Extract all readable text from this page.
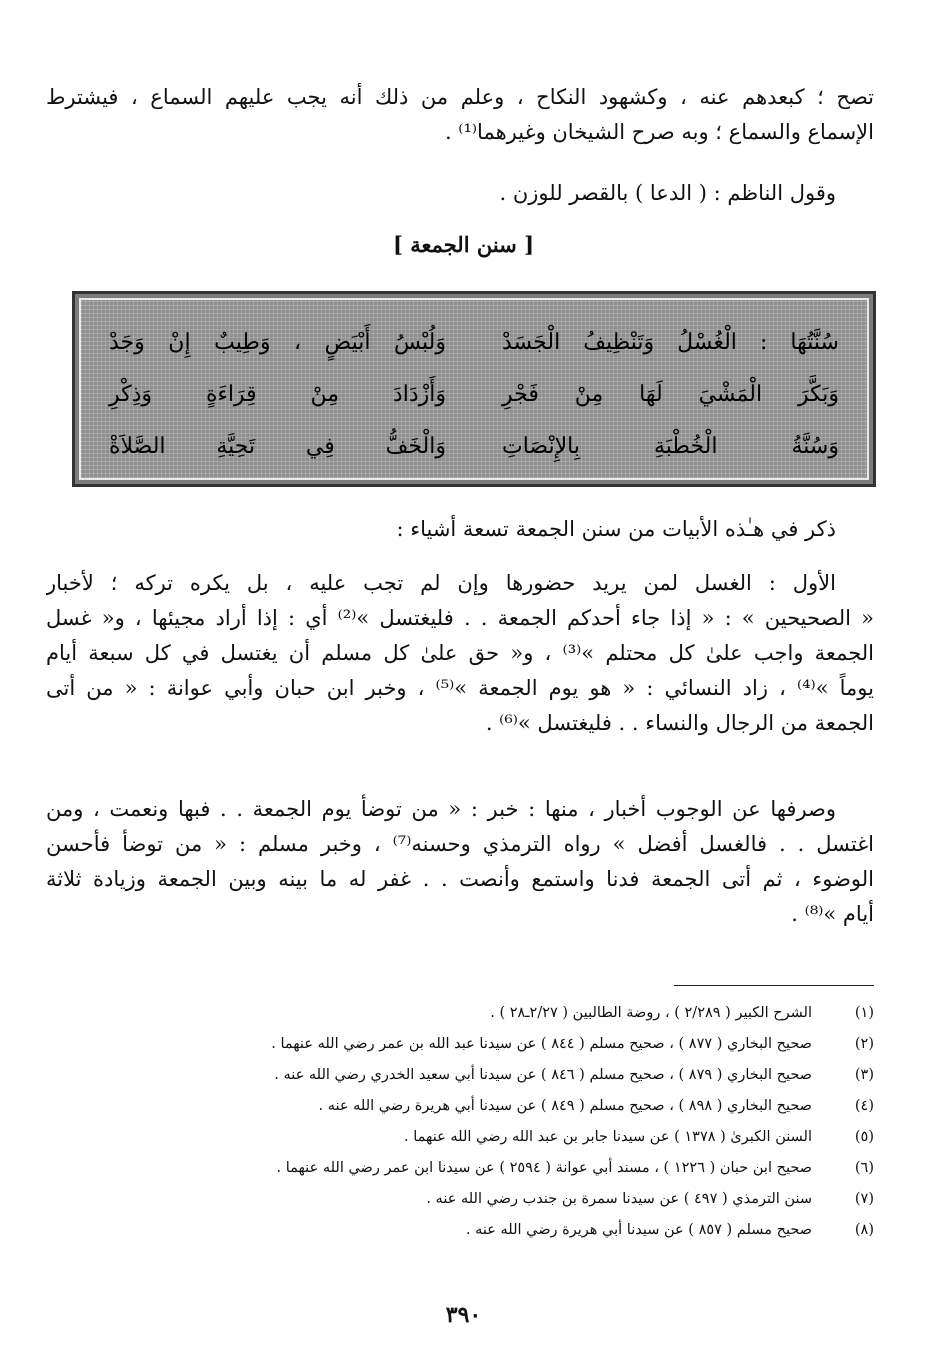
تصح ؛ كبعدهم عنه ، وكشهود النكاح ، وعلم من ذلك أنه يجب عليهم السماع ، فيشترط
الإسماع والسماع ؛ وبه صرح الشيخان وغيرهما⁽¹⁾ .
وقول الناظم : ( الدعا ) بالقصر للوزن .
[ سنن الجمعة ]
سُنَّتُهَا : الْغُسْلُ وَتَنْظِيفُ الْجَسَدْ
وَلُبْسُ أَبْيَضٍ ، وَطِيبٌ إِنْ وَجَدْ
وَبَكَّرَ الْمَشْيَ لَهَا مِنْ فَجْرِ
وَأَزْدَادَ مِنْ قِرَاءَةٍ وَذِكْرِ
وَسُنَّةُ الْخُطْبَةِ بِالإِنْصَاتِ
وَالْخَفُّ فِي تَحِيَّةِ الصَّلاَةْ
ذكر في هـٰذه الأبيات من سنن الجمعة تسعة أشياء :
الأول : الغسل لمن يريد حضورها وإن لم تجب عليه ، بل يكره تركه ؛ لأخبار
« الصحيحين » : « إذا جاء أحدكم الجمعة . . فليغتسل »⁽²⁾ أي : إذا أراد مجيئها ، و« غسل
الجمعة واجب علىٰ كل محتلم »⁽³⁾ ، و« حق علىٰ كل مسلم أن يغتسل في كل سبعة أيام
يوماً »⁽⁴⁾ ، زاد النسائي : « هو يوم الجمعة »⁽⁵⁾ ، وخبر ابن حبان وأبي عوانة : « من أتى
الجمعة من الرجال والنساء . . فليغتسل »⁽⁶⁾ .
وصرفها عن الوجوب أخبار ، منها : خبر : « من توضأ يوم الجمعة . . فبها ونعمت ، ومن
اغتسل . . فالغسل أفضل » رواه الترمذي وحسنه⁽⁷⁾ ، وخبر مسلم : « من توضأ فأحسن
الوضوء ، ثم أتى الجمعة فدنا واستمع وأنصت . . غفر له ما بينه وبين الجمعة وزيادة ثلاثة
أيام »⁽⁸⁾ .
(١)
الشرح الكبير ( ٢/٢٨٩ ) ، روضة الطالبين ( ٢/٢٧ـ٢٨ ) .
(٢)
صحيح البخاري ( ٨٧٧ ) ، صحيح مسلم ( ٨٤٤ ) عن سيدنا عبد الله بن عمر رضي الله عنهما .
(٣)
صحيح البخاري ( ٨٧٩ ) ، صحيح مسلم ( ٨٤٦ ) عن سيدنا أبي سعيد الخدري رضي الله عنه .
(٤)
صحيح البخاري ( ٨٩٨ ) ، صحيح مسلم ( ٨٤٩ ) عن سيدنا أبي هريرة رضي الله عنه .
(٥)
السنن الكبرىٰ ( ١٣٧٨ ) عن سيدنا جابر بن عبد الله رضي الله عنهما .
(٦)
صحيح ابن حبان ( ١٢٢٦ ) ، مسند أبي عوانة ( ٢٥٩٤ ) عن سيدنا ابن عمر رضي الله عنهما .
(٧)
سنن الترمذي ( ٤٩٧ ) عن سيدنا سمرة بن جندب رضي الله عنه .
(٨)
صحيح مسلم ( ٨٥٧ ) عن سيدنا أبي هريرة رضي الله عنه .
٣٩٠
